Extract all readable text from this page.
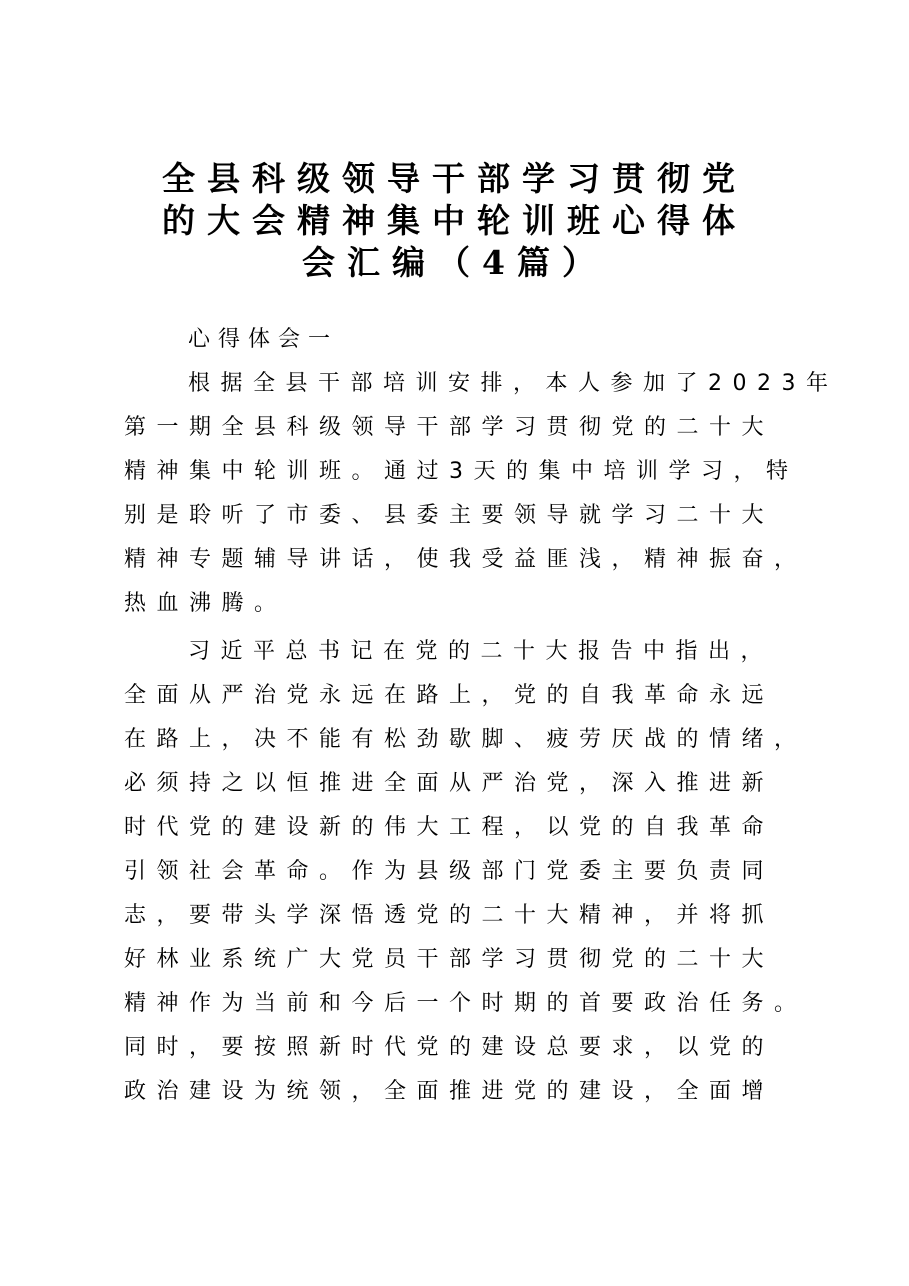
全县科级领导干部学习贯彻党
的大会精神集中轮训班心得体
会汇编（4篇）
心得体会一
根据全县干部培训安排，本人参加了2023年
第一期全县科级领导干部学习贯彻党的二十大
精神集中轮训班。通过3天的集中培训学习，特
别是聆听了市委、县委主要领导就学习二十大
精神专题辅导讲话，使我受益匪浅，精神振奋，
热血沸腾。
习近平总书记在党的二十大报告中指出，
全面从严治党永远在路上，党的自我革命永远
在路上，决不能有松劲歇脚、疲劳厌战的情绪，
必须持之以恒推进全面从严治党，深入推进新
时代党的建设新的伟大工程，以党的自我革命
引领社会革命。作为县级部门党委主要负责同
志，要带头学深悟透党的二十大精神，并将抓
好林业系统广大党员干部学习贯彻党的二十大
精神作为当前和今后一个时期的首要政治任务。
同时，要按照新时代党的建设总要求，以党的
政治建设为统领，全面推进党的建设，全面增
